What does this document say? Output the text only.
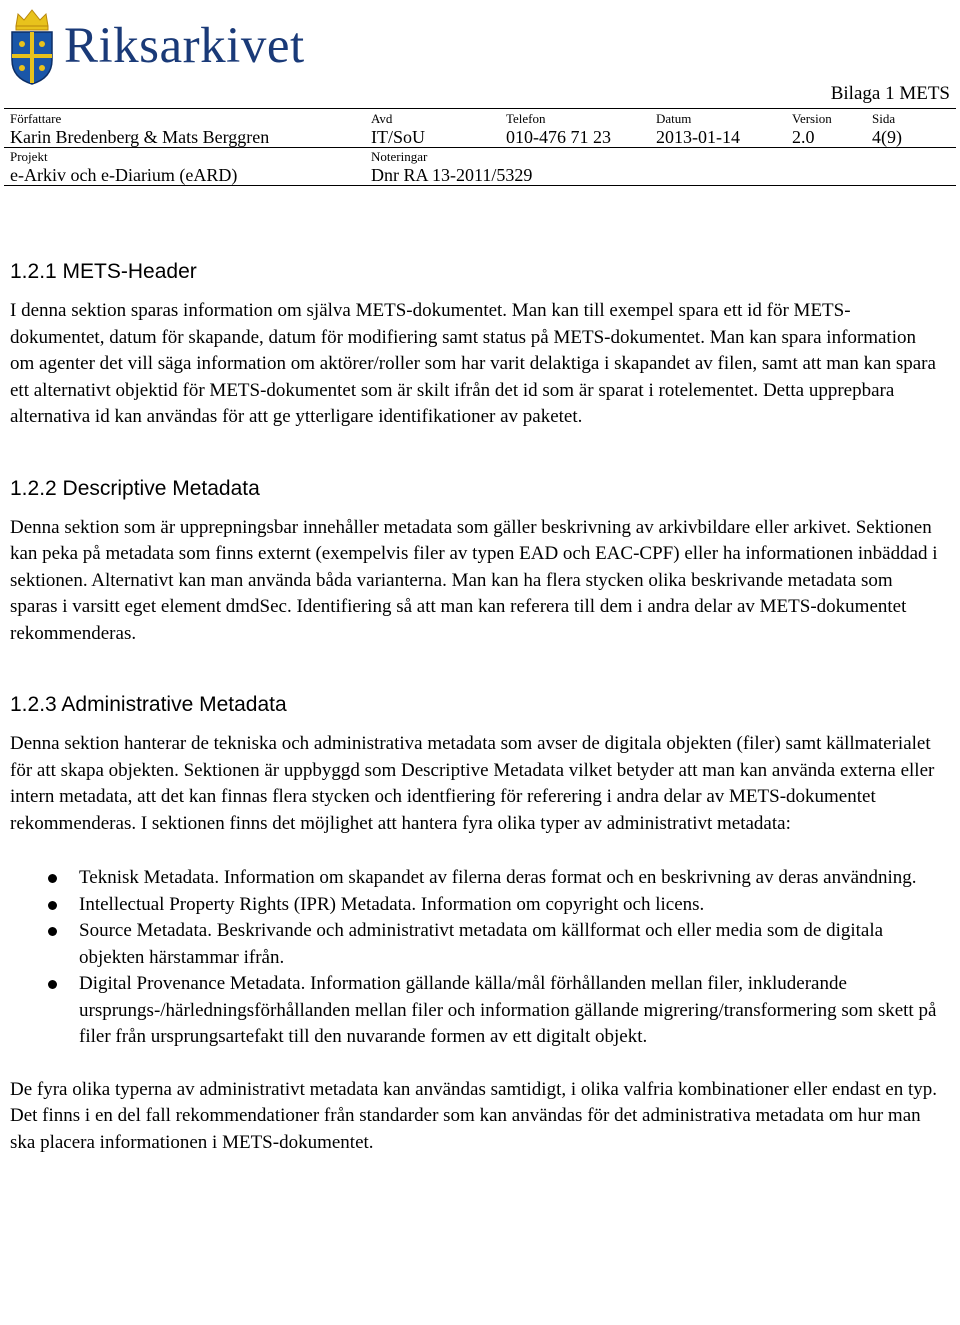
Riksarkivet
Bilaga 1 METS
Författare
Karin Bredenberg & Mats Berggren
Avd
IT/SoU
Telefon
010-476 71 23
Datum
2013-01-14
Version
2.0
Sida
4(9)
Projekt
e-Arkiv och e-Diarium (eARD)
Noteringar
Dnr RA 13-2011/5329
1.2.1 METS-Header

I denna sektion sparas information om själva METS-dokumentet. Man kan till exempel spara ett id för METS-dokumentet, datum för skapande, datum för modifiering samt status på METS-dokumentet. Man kan spara information om agenter det vill säga information om aktörer/roller som har varit delaktiga i skapandet av filen, samt att man kan spara ett alternativt objektid för METS-dokumentet som är skilt ifrån det id som är sparat i rotelementet. Detta upprepbara alternativa id kan användas för att ge ytterligare identifikationer av paketet.

1.2.2 Descriptive Metadata

Denna sektion som är upprepningsbar innehåller metadata som gäller beskrivning av arkivbildare eller arkivet. Sektionen kan peka på metadata som finns externt (exempelvis filer av typen EAD och EAC-CPF) eller ha informationen inbäddad i sektionen. Alternativt kan man använda båda varianterna. Man kan ha flera stycken olika beskrivande metadata som sparas i varsitt eget element dmdSec. Identifiering så att man kan referera till dem i andra delar av METS-dokumentet rekommenderas.

1.2.3 Administrative Metadata

Denna sektion hanterar de tekniska och administrativa metadata som avser de digitala objekten (filer) samt källmaterialet för att skapa objekten. Sektionen är uppbyggd som Descriptive Metadata vilket betyder att man kan använda externa eller intern metadata, att det kan finnas flera stycken och identfiering för referering i andra delar av METS-dokumentet rekommenderas. I sektionen finns det möjlighet att hantera fyra olika typer av administrativt metadata:

Teknisk Metadata. Information om skapandet av filerna deras format och en beskrivning av deras användning.
Intellectual Property Rights (IPR) Metadata. Information om copyright och licens.
Source Metadata. Beskrivande och administrativt metadata om källformat och eller media som de digitala objekten härstammar ifrån.
Digital Provenance Metadata. Information gällande källa/mål förhållanden mellan filer, inkluderande ursprungs-/härledningsförhållanden mellan filer och information gällande migrering/transformering som skett på filer från ursprungsartefakt till den nuvarande formen av ett digitalt objekt.

De fyra olika typerna av administrativt metadata kan användas samtidigt, i olika valfria kombinationer eller endast en typ. Det finns i en del fall rekommendationer från standarder som kan användas för det administrativa metadata om hur man ska placera informationen i METS-dokumentet.
